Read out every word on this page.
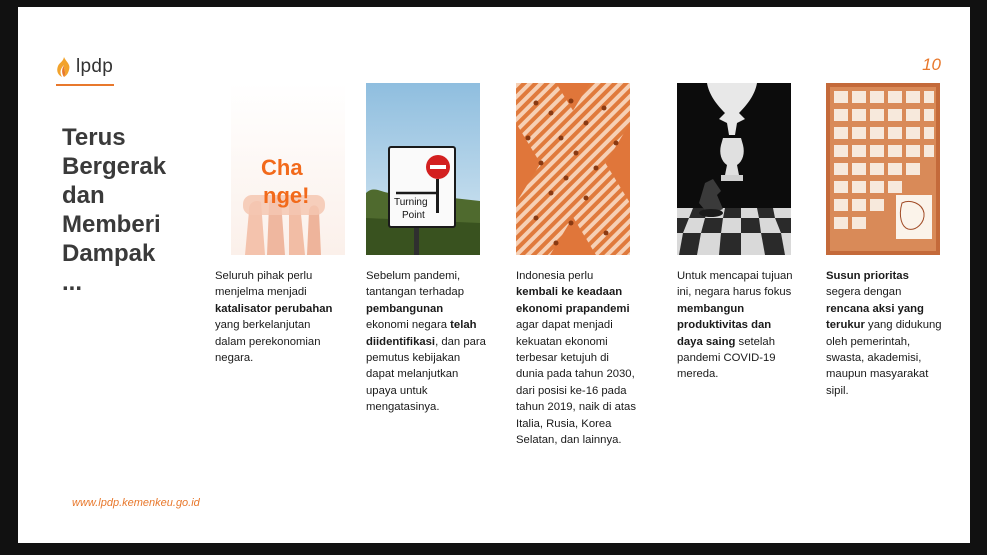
lpdp	10
Terus
Bergerak
dan
Memberi
Dampak
...
Cha
nge!
Seluruh pihak perlu menjelma menjadi katalisator perubahan yang berkelanjutan dalam perekonomian negara.
Turning
Point
Sebelum pandemi, tantangan terhadap pembangunan ekonomi negara telah diidentifikasi, dan para pemutus kebijakan dapat melanjutkan upaya untuk mengatasinya.
Indonesia perlu kembali ke keadaan ekonomi prapandemi agar dapat menjadi kekuatan ekonomi terbesar ketujuh di dunia pada tahun 2030, dari posisi ke-16 pada tahun 2019, naik di atas Italia, Rusia, Korea Selatan, dan lainnya.
Untuk mencapai tujuan ini, negara harus fokus membangun produktivitas dan daya saing setelah pandemi COVID-19 mereda.
Susun prioritas segera dengan rencana aksi yang terukur yang didukung oleh pemerintah, swasta, akademisi, maupun masyarakat sipil.
www.lpdp.kemenkeu.go.id
